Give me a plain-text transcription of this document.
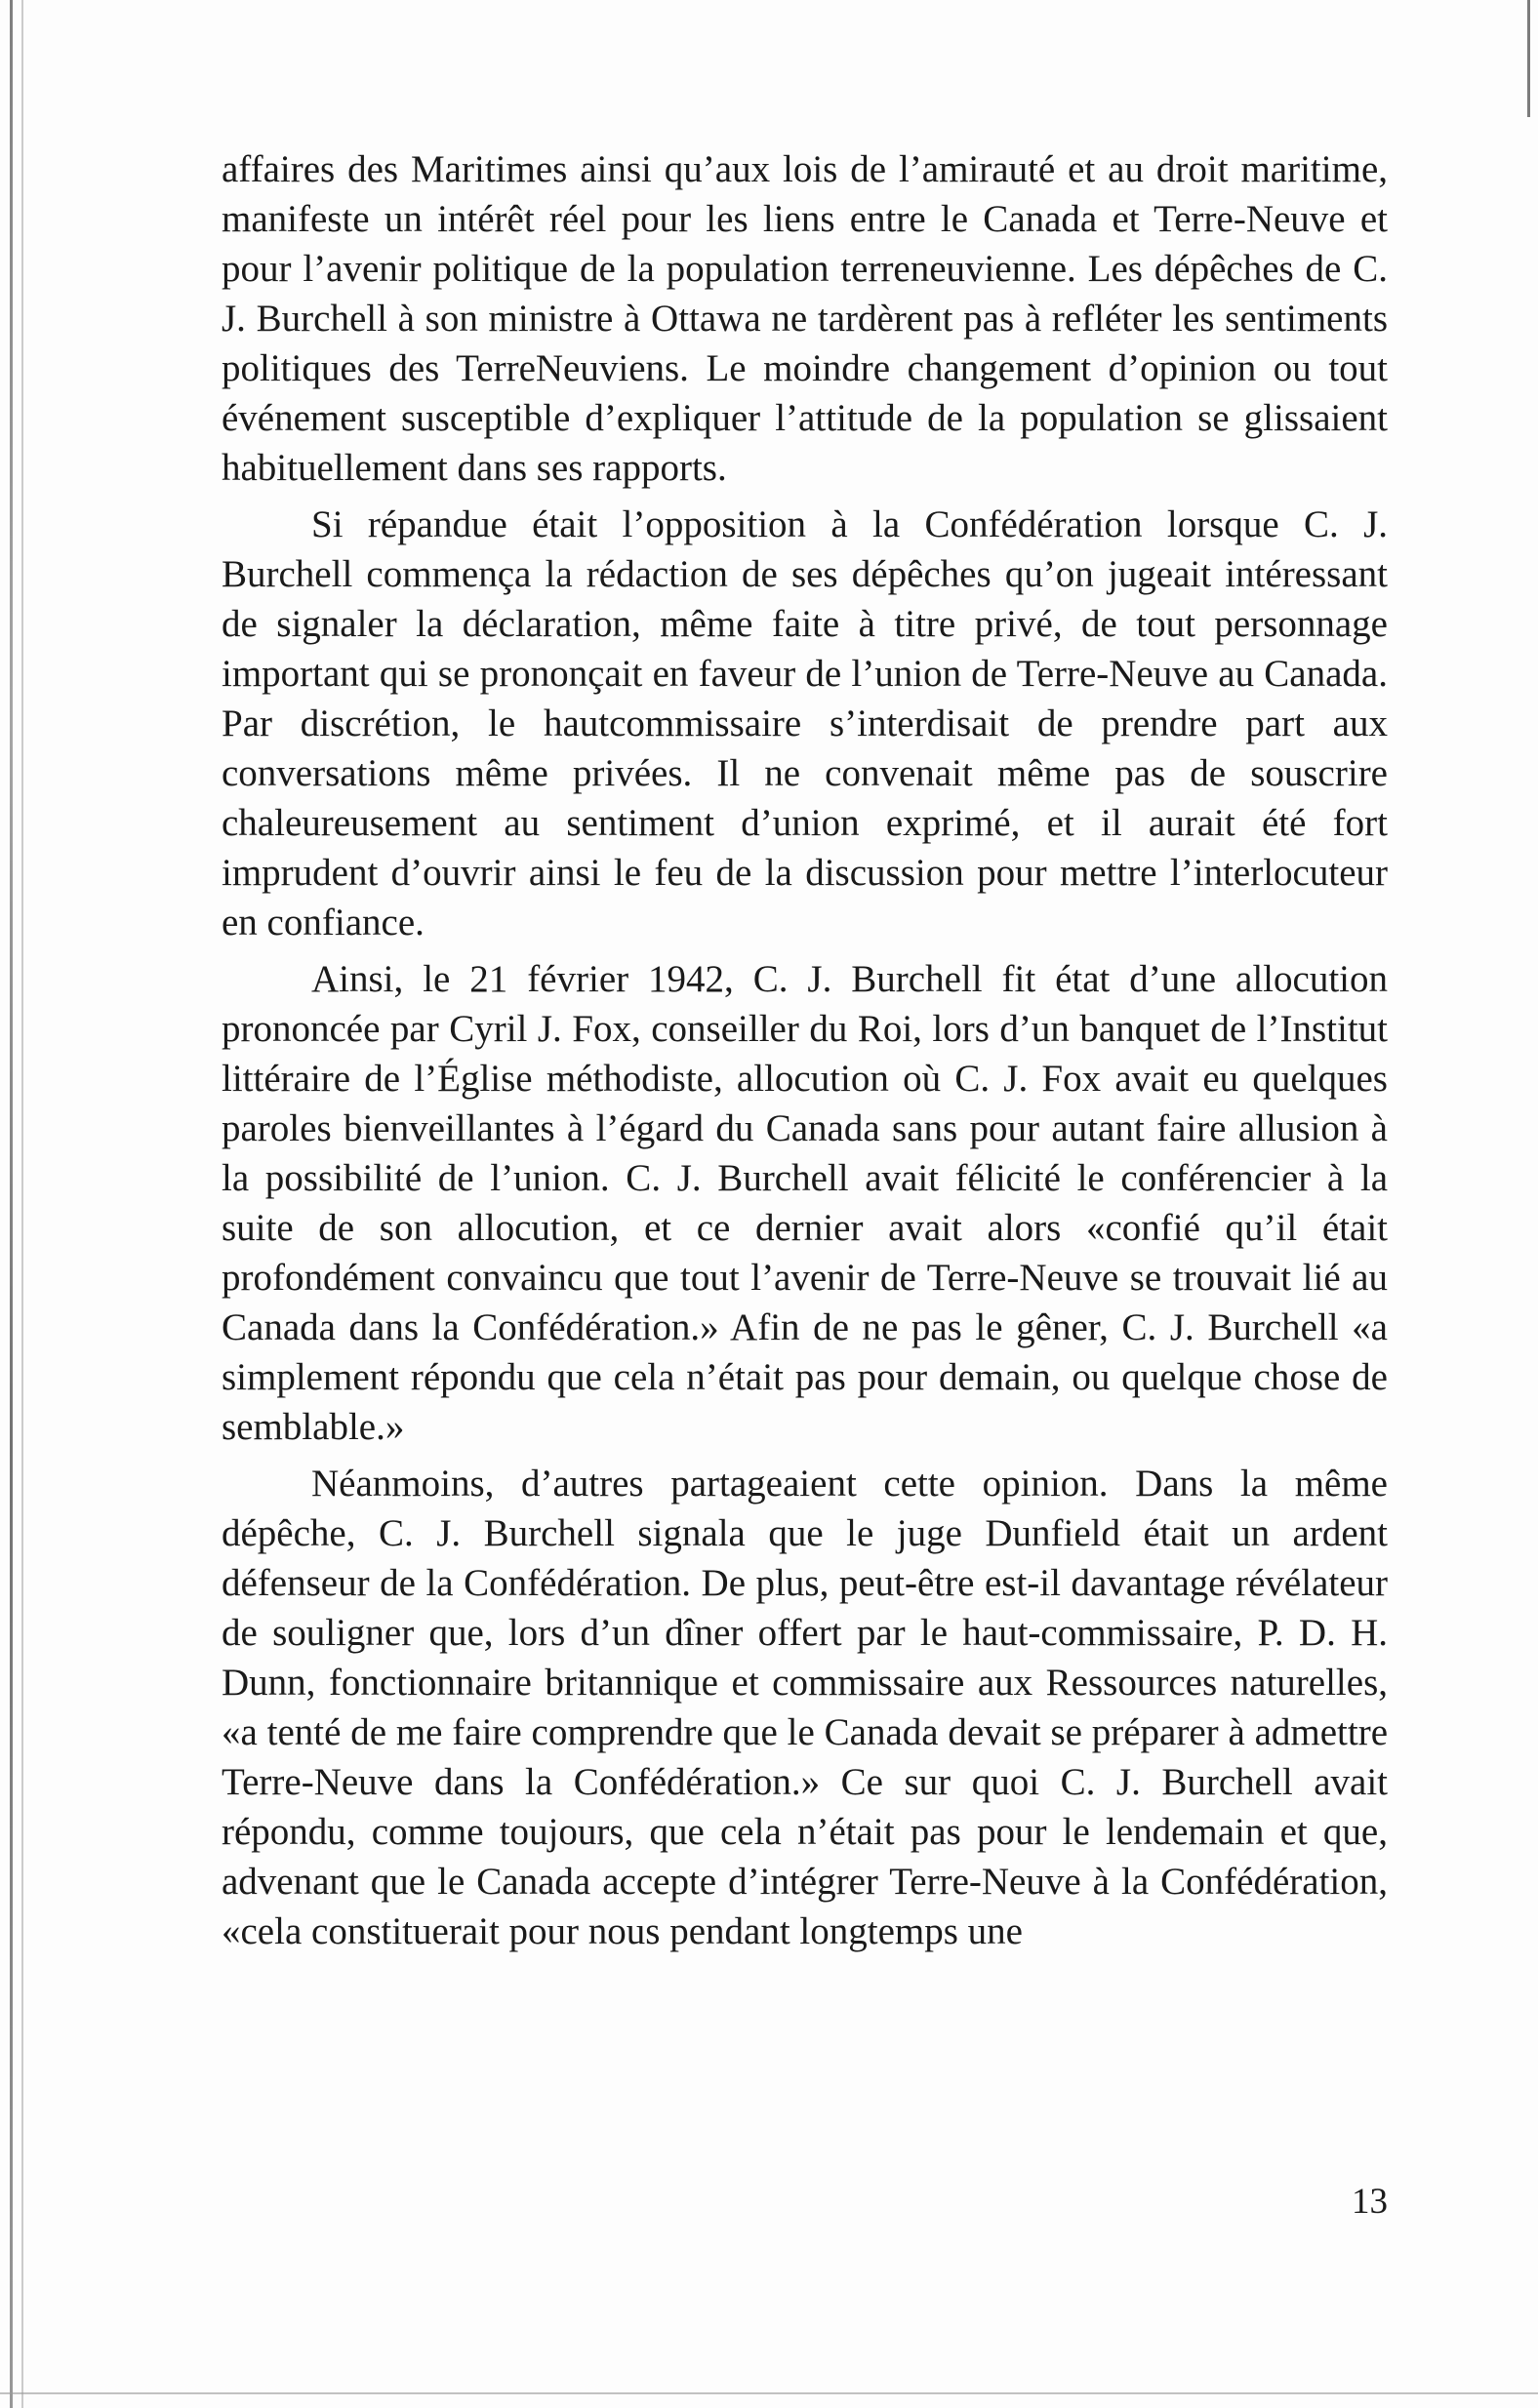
affaires des Maritimes ainsi qu’aux lois de l’amirauté et au droit maritime, manifeste un intérêt réel pour les liens entre le Canada et Terre-Neuve et pour l’avenir politique de la population terreneuvienne. Les dépêches de C. J. Burchell à son ministre à Ottawa ne tardèrent pas à refléter les sentiments politiques des TerreNeuviens. Le moindre changement d’opinion ou tout événement susceptible d’expliquer l’attitude de la population se glissaient habituellement dans ses rapports.

Si répandue était l’opposition à la Confédération lorsque C. J. Burchell commença la rédaction de ses dépêches qu’on jugeait intéressant de signaler la déclaration, même faite à titre privé, de tout personnage important qui se prononçait en faveur de l’union de Terre-Neuve au Canada. Par discrétion, le hautcommissaire s’interdisait de prendre part aux conversations même privées. Il ne convenait même pas de souscrire chaleureusement au sentiment d’union exprimé, et il aurait été fort imprudent d’ouvrir ainsi le feu de la discussion pour mettre l’interlocuteur en confiance.

Ainsi, le 21 février 1942, C. J. Burchell fit état d’une allocution prononcée par Cyril J. Fox, conseiller du Roi, lors d’un banquet de l’Institut littéraire de l’Église méthodiste, allocution où C. J. Fox avait eu quelques paroles bienveillantes à l’égard du Canada sans pour autant faire allusion à la possibilité de l’union. C. J. Burchell avait félicité le conférencier à la suite de son allocution, et ce dernier avait alors «confié qu’il était profondément convaincu que tout l’avenir de Terre-Neuve se trouvait lié au Canada dans la Confédération.» Afin de ne pas le gêner, C. J. Burchell «a simplement répondu que cela n’était pas pour demain, ou quelque chose de semblable.»

Néanmoins, d’autres partageaient cette opinion. Dans la même dépêche, C. J. Burchell signala que le juge Dunfield était un ardent défenseur de la Confédération. De plus, peut-être est-il davantage révélateur de souligner que, lors d’un dîner offert par le haut-commissaire, P. D. H. Dunn, fonctionnaire britannique et commissaire aux Ressources naturelles, «a tenté de me faire comprendre que le Canada devait se préparer à admettre Terre-Neuve dans la Confédération.» Ce sur quoi C. J. Burchell avait répondu, comme toujours, que cela n’était pas pour le lendemain et que, advenant que le Canada accepte d’intégrer Terre-Neuve à la Confédération, «cela constituerait pour nous pendant longtemps une

13
